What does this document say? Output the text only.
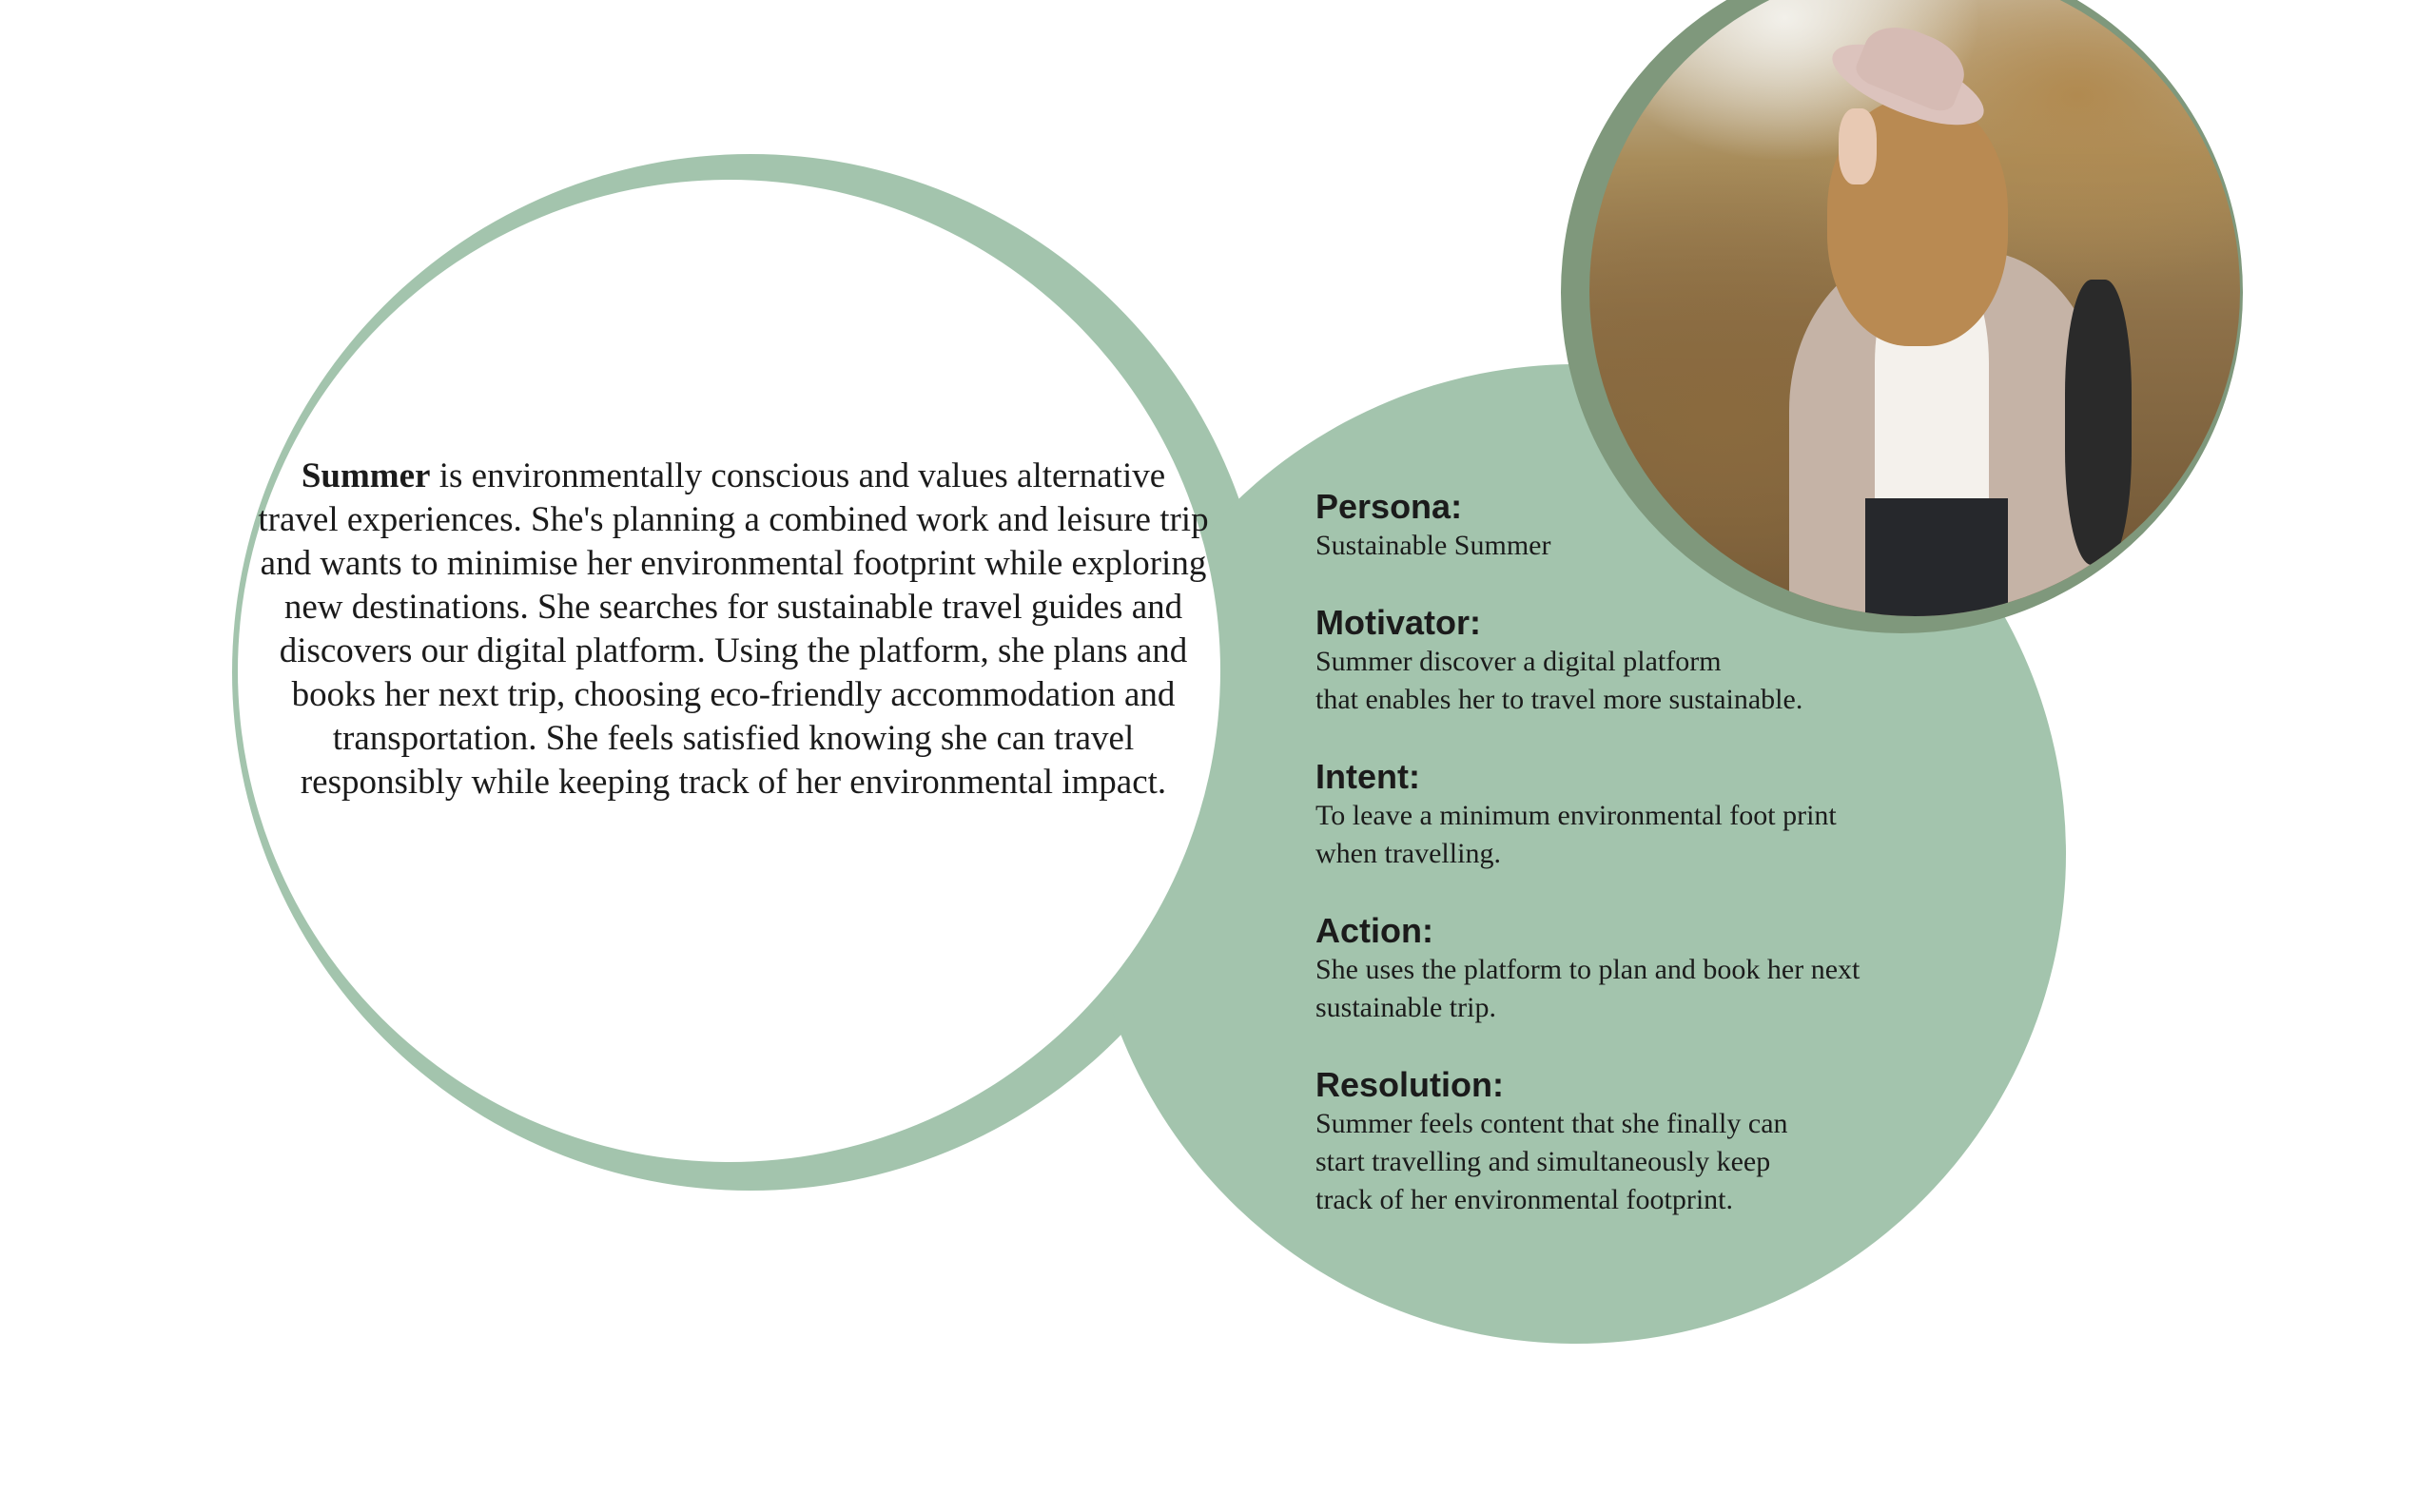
Summer is environmentally conscious and values alternative travel experiences. She's planning a combined work and leisure trip and wants to minimise her environmental footprint while exploring new destinations. She searches for sustainable travel guides and discovers our digital platform. Using the platform, she plans and books her next trip, choosing eco-friendly accommodation and transportation. She feels satisfied knowing she can travel responsibly while keeping track of her environmental impact.
Persona:

Sustainable Summer

Motivator:

Summer discover a digital platform
that enables her to travel more sustainable.

Intent:

To leave a minimum environmental foot print
when travelling.

Action:

She uses the platform to plan and book her next
sustainable trip.

Resolution:

Summer feels content that she finally can
start travelling and simultaneously keep
track of her environmental footprint.
